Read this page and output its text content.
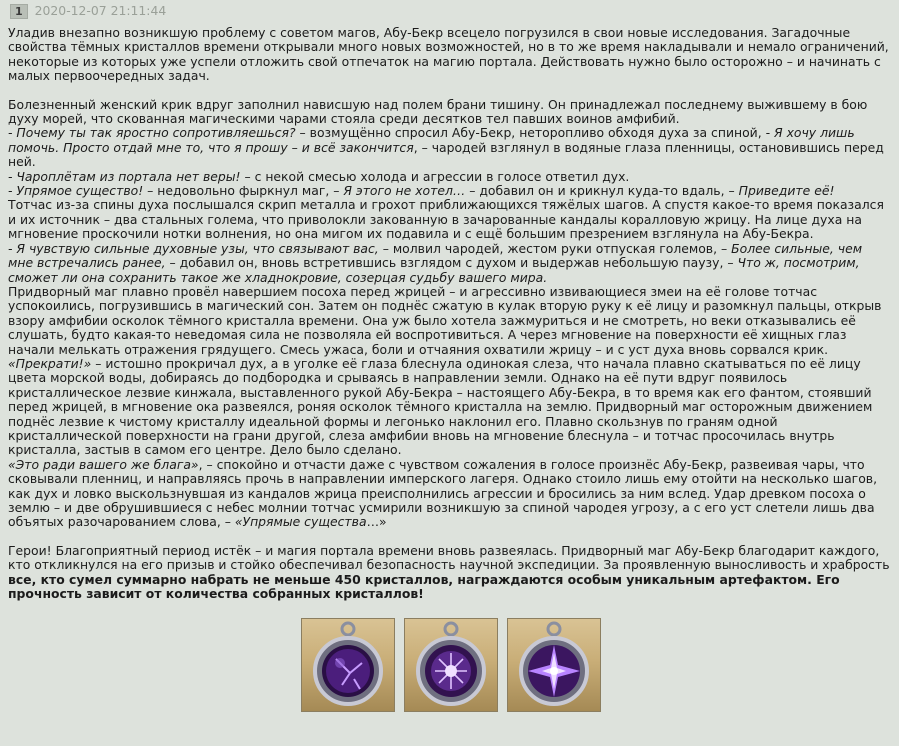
1 2020-12-07 21:11:44

Уладив внезапно возникшую проблему с советом магов, Абу-Бекр всецело погрузился в свои новые исследования. Загадочные свойства тёмных кристаллов времени открывали много новых возможностей, но в то же время накладывали и немало ограничений, некоторые из которых уже успели отложить свой отпечаток на магию портала. Действовать нужно было осторожно – и начинать с малых первоочередных задач.

Болезненный женский крик вдруг заполнил нависшую над полем брани тишину. Он принадлежал последнему выжившему в бою духу морей, что скованная магическими чарами стояла среди десятков тел павших воинов амфибий.

- Почему ты так яростно сопротивляешься? – возмущённо спросил Абу-Бекр, неторопливо обходя духа за спиной, - Я хочу лишь помочь. Просто отдай мне то, что я прошу – и всё закончится, – чародей взглянул в водяные глаза пленницы, остановившись перед ней.

- Чароплётам из портала нет веры! – с некой смесью холода и агрессии в голосе ответил дух.

- Упрямое существо! – недовольно фыркнул маг, – Я этого не хотел… – добавил он и крикнул куда-то вдаль, – Приведите её!

Тотчас из-за спины духа послышался скрип металла и грохот приближающихся тяжёлых шагов. А спустя какое-то время показался и их источник – два стальных голема, что приволокли закованную в зачарованные кандалы коралловую жрицу. На лице духа на мгновение проскочили нотки волнения, но она мигом их подавила и с ещё большим презрением взглянула на Абу-Бекра.

- Я чувствую сильные духовные узы, что связывают вас, – молвил чародей, жестом руки отпуская големов, – Более сильные, чем мне встречались ранее, – добавил он, вновь встретившись взглядом с духом и выдержав небольшую паузу, – Что ж, посмотрим, сможет ли она сохранить такое же хладнокровие, созерцая судьбу вашего мира.

Придворный маг плавно провёл навершием посоха перед жрицей – и агрессивно извивающиеся змеи на её голове тотчас успокоились, погрузившись в магический сон. Затем он поднёс сжатую в кулак вторую руку к её лицу и разомкнул пальцы, открыв взору амфибии осколок тёмного кристалла времени. Она уж было хотела зажмуриться и не смотреть, но веки отказывались её слушать, будто какая-то неведомая сила не позволяла ей воспротивиться. А через мгновение на поверхности её хищных глаз начали мелькать отражения грядущего. Смесь ужаса, боли и отчаяния охватили жрицу – и с уст духа вновь сорвался крик.

«Прекрати!» – истошно прокричал дух, а в уголке её глаза блеснула одинокая слеза, что начала плавно скатываться по её лицу цвета морской воды, добираясь до подбородка и срываясь в направлении земли. Однако на её пути вдруг появилось кристаллическое лезвие кинжала, выставленного рукой Абу-Бекра – настоящего Абу-Бекра, в то время как его фантом, стоявший перед жрицей, в мгновение ока развеялся, роняя осколок тёмного кристалла на землю. Придворный маг осторожным движением поднёс лезвие к чистому кристаллу идеальной формы и легонько наклонил его. Плавно скользнув по граням одной кристаллической поверхности на грани другой, слеза амфибии вновь на мгновение блеснула – и тотчас просочилась внутрь кристалла, застыв в самом его центре. Дело было сделано.

«Это ради вашего же блага», – спокойно и отчасти даже с чувством сожаления в голосе произнёс Абу-Бекр, развеивая чары, что сковывали пленниц, и направляясь прочь в направлении имперского лагеря. Однако стоило лишь ему отойти на несколько шагов, как дух и ловко выскользнувшая из кандалов жрица преисполнились агрессии и бросились за ним вслед. Удар древком посоха о землю – и две обрушившиеся с небес молнии тотчас усмирили возникшую за спиной чародея угрозу, а с его уст слетели лишь два объятых разочарованием слова, – «Упрямые существа…»

Герои! Благоприятный период истёк – и магия портала времени вновь развеялась. Придворный маг Абу-Бекр благодарит каждого, кто откликнулся на его призыв и стойко обеспечивал безопасность научной экспедиции. За проявленную выносливость и храбрость все, кто сумел суммарно набрать не меньше 450 кристаллов, награждаются особым уникальным артефактом. Его прочность зависит от количества собранных кристаллов!
